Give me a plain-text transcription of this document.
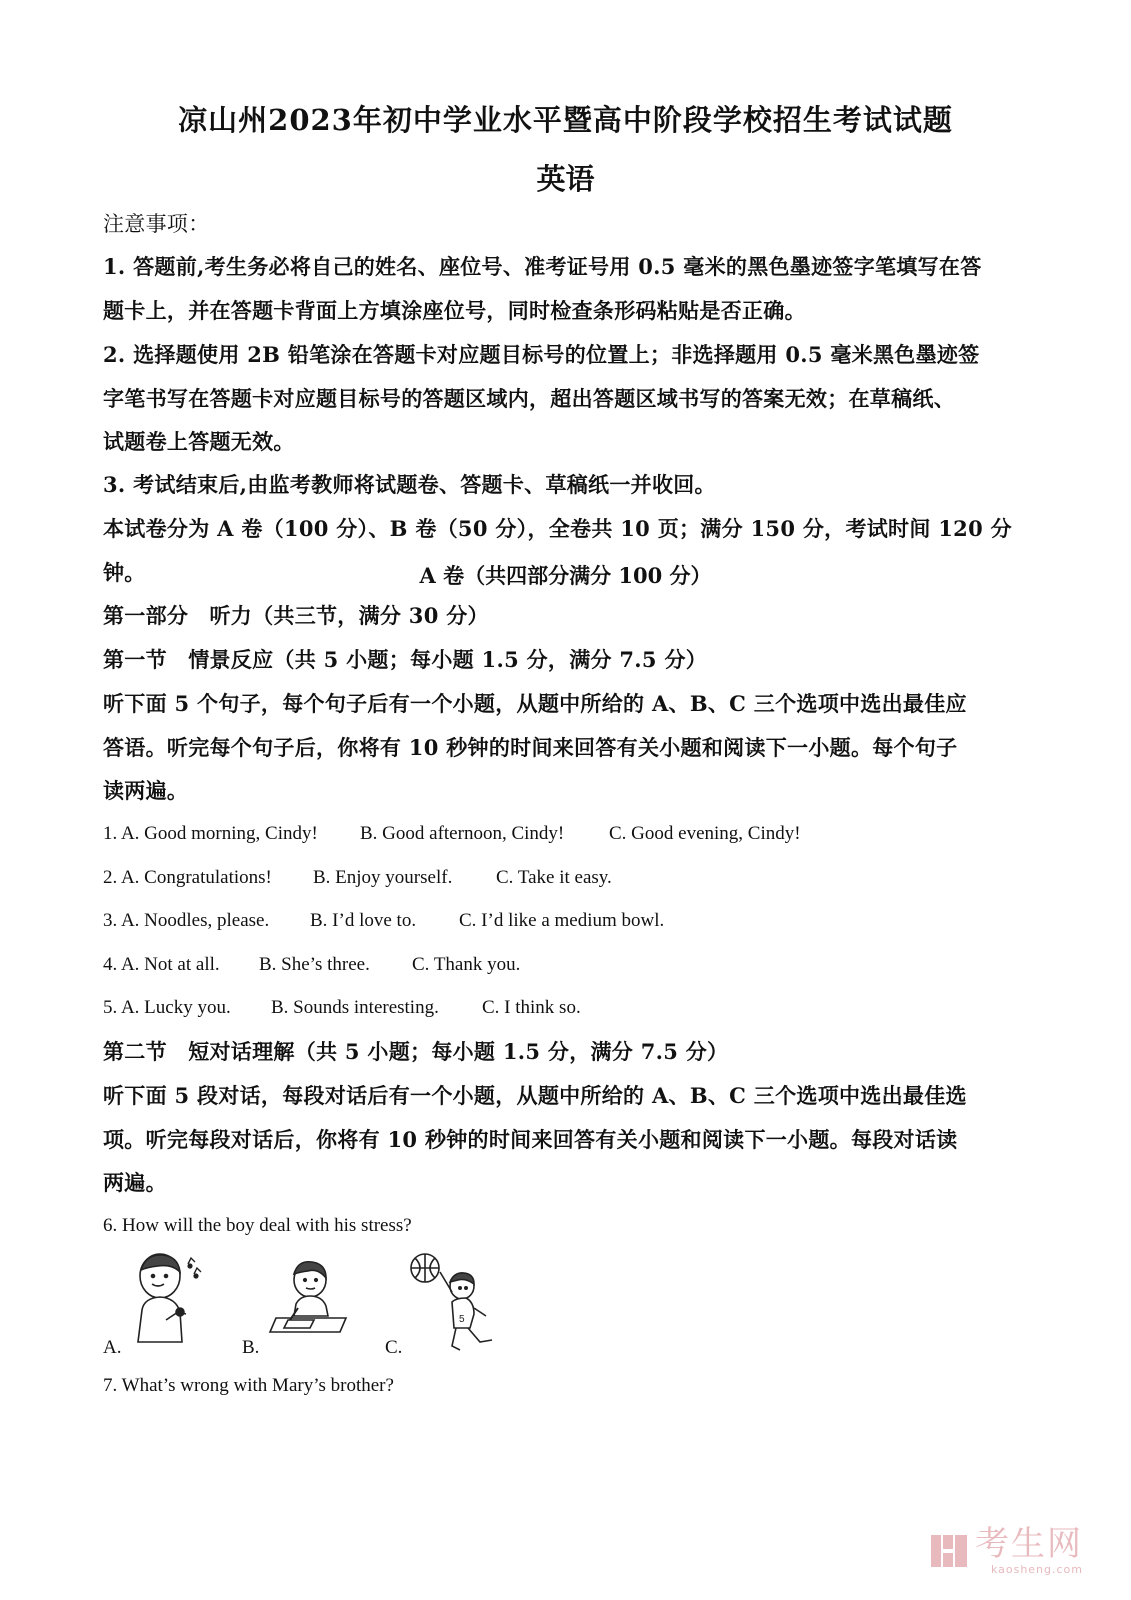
凉山州2023年初中学业水平暨高中阶段学校招生考试试题
英语
注意事项：
1. 答题前,考生务必将自己的姓名、座位号、准考证号用 0.5 毫米的黑色墨迹签字笔填写在答
题卡上，并在答题卡背面上方填涂座位号，同时检查条形码粘贴是否正确。
2. 选择题使用 2B 铅笔涂在答题卡对应题目标号的位置上；非选择题用 0.5 毫米黑色墨迹签
字笔书写在答题卡对应题目标号的答题区域内，超出答题区域书写的答案无效；在草稿纸、
试题卷上答题无效。
3. 考试结束后,由监考教师将试题卷、答题卡、草稿纸一并收回。
本试卷分为 A 卷（100 分）、B 卷（50 分），全卷共 10 页；满分 150 分，考试时间 120 分钟。	A 卷（共四部分满分 100 分）
第一部分　听力（共三节，满分 30 分）
第一节　情景反应（共 5 小题；每小题 1.5 分，满分 7.5 分）
听下面 5 个句子，每个句子后有一个小题，从题中所给的 A、B、C 三个选项中选出最佳应
答语。听完每个句子后，你将有 10 秒钟的时间来回答有关小题和阅读下一小题。每个句子
读两遍。
1. A. Good morning, Cindy! B. Good afternoon, Cindy! C. Good evening, Cindy!
2. A. Congratulations! B. Enjoy yourself. C. Take it easy.
3. A. Noodles, please. B. I’d love to. C. I’d like a medium bowl.
4. A. Not at all. B. She’s three. C. Thank you.
5. A. Lucky you. B. Sounds interesting. C. I think so.
第二节　短对话理解（共 5 小题；每小题 1.5 分，满分 7.5 分）
听下面 5 段对话，每段对话后有一个小题，从题中所给的 A、B、C 三个选项中选出最佳选
项。听完每段对话后，你将有 10 秒钟的时间来回答有关小题和阅读下一小题。每段对话读
两遍。
6. How will the boy deal with his stress?
A.	B.
5
C.
7. What’s wrong with Mary’s brother?
考生网
kaosheng.com
